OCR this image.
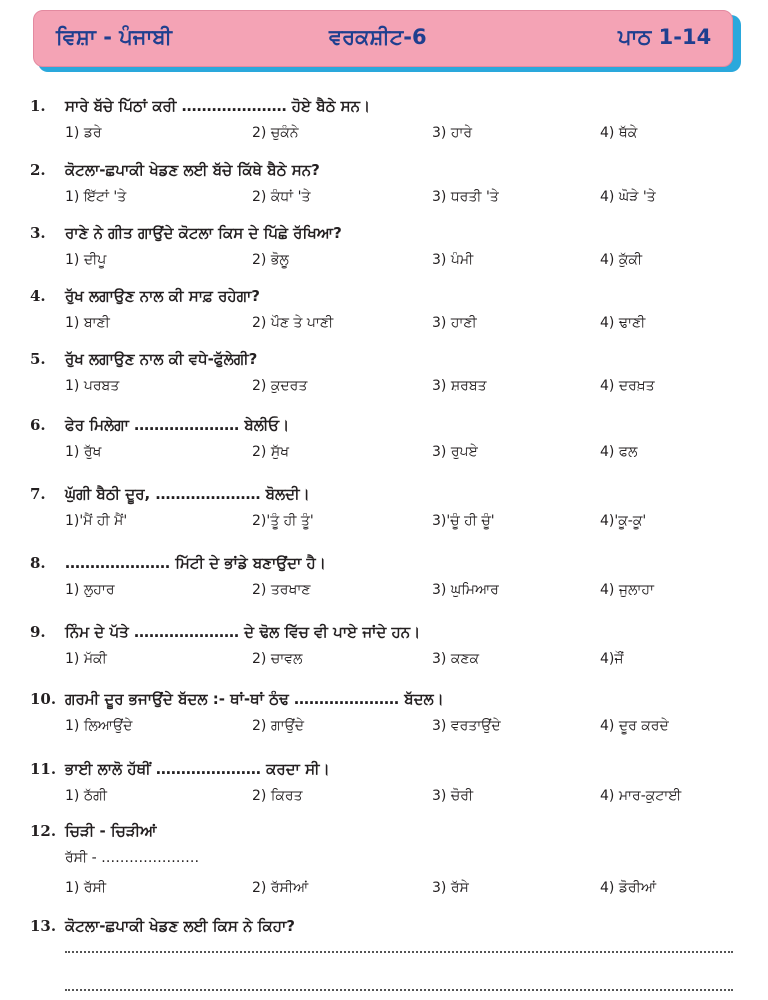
ਵਿਸ਼ਾ - ਪੰਜਾਬੀ	ਵਰਕਸ਼ੀਟ-6	ਪਾਠ 1-14
1. ਸਾਰੇ ਬੱਚੇ ਪਿੱਠਾਂ ਕਰੀ ………………… ਹੋਏ ਬੈਠੇ ਸਨ।
1) ਡਰੇ	2) ਚੁਕੰਨੇ	3) ਹਾਰੇ	4) ਥੱਕੇ
2. ਕੋਟਲਾ-ਛਪਾਕੀ ਖੇਡਣ ਲਈ ਬੱਚੇ ਕਿੱਥੇ ਬੈਠੇ ਸਨ?
1) ਇੱਟਾਂ 'ਤੇ	2) ਕੰਧਾਂ 'ਤੇ	3) ਧਰਤੀ 'ਤੇ	4) ਘੋੜੇ 'ਤੇ
3. ਰਾਣੇ ਨੇ ਗੀਤ ਗਾਉਂਦੇ ਕੋਟਲਾ ਕਿਸ ਦੇ ਪਿੱਛੇ ਰੱਖਿਆ?
1) ਦੀਪੂ	2) ਭੋਲੂ	3) ਪੰਮੀ	4) ਕੁੱਕੀ
4. ਰੁੱਖ ਲਗਾਉਣ ਨਾਲ ਕੀ ਸਾਫ਼ ਰਹੇਗਾ?
1) ਬਾਣੀ	2) ਪੌਣ ਤੇ ਪਾਣੀ	3) ਹਾਣੀ	4) ਢਾਣੀ
5. ਰੁੱਖ ਲਗਾਉਣ ਨਾਲ ਕੀ ਵਧੇ-ਫੁੱਲੇਗੀ?
1) ਪਰਬਤ	2) ਕੁਦਰਤ	3) ਸ਼ਰਬਤ	4) ਦਰਖ਼ਤ
6. ਫੇਰ ਮਿਲੇਗਾ ………………… ਬੇਲੀਓ।
1) ਰੁੱਖ	2) ਸੁੱਖ	3) ਰੁਪਏ	4) ਫਲ
7. ਘੁੱਗੀ ਬੈਠੀ ਦੂਰ, ………………… ਬੋਲਦੀ।
1)'ਮੈਂ ਹੀ ਮੈਂ'	2)'ਤੂੰ ਹੀ ਤੂੰ'	3)'ਚੂੰ ਹੀ ਚੂੰ'	4)'ਕੂ-ਕੂ'
8. ………………… ਮਿੱਟੀ ਦੇ ਭਾਂਡੇ ਬਣਾਉਂਦਾ ਹੈ।
1) ਲੁਹਾਰ	2) ਤਰਖਾਣ	3) ਘੁਮਿਆਰ	4) ਜੁਲਾਹਾ
9. ਨਿੰਮ ਦੇ ਪੱਤੇ ………………… ਦੇ ਢੋਲ ਵਿੱਚ ਵੀ ਪਾਏ ਜਾਂਦੇ ਹਨ।
1) ਮੱਕੀ	2) ਚਾਵਲ	3) ਕਣਕ	4)ਜੌਂ
10. ਗਰਮੀ ਦੂਰ ਭਜਾਉਂਦੇ ਬੱਦਲ :- ਥਾਂ-ਥਾਂ ਠੰਢ ………………… ਬੱਦਲ।
1) ਲਿਆਉਂਦੇ	2) ਗਾਉਂਦੇ	3) ਵਰਤਾਉਂਦੇ	4) ਦੂਰ ਕਰਦੇ
11. ਭਾਈ ਲਾਲੋ ਹੱਥੀਂ ………………… ਕਰਦਾ ਸੀ।
1) ਠੱਗੀ	2) ਕਿਰਤ	3) ਚੋਰੀ	4) ਮਾਰ-ਕੁਟਾਈ
12. ਚਿੜੀ - ਚਿੜੀਆਂ
ਰੱਸੀ - …………………
1) ਰੱਸੀ	2) ਰੱਸੀਆਂ	3) ਰੱਸੇ	4) ਡੋਰੀਆਂ
13. ਕੋਟਲਾ-ਛਪਾਕੀ ਖੇਡਣ ਲਈ ਕਿਸ ਨੇ ਕਿਹਾ?
